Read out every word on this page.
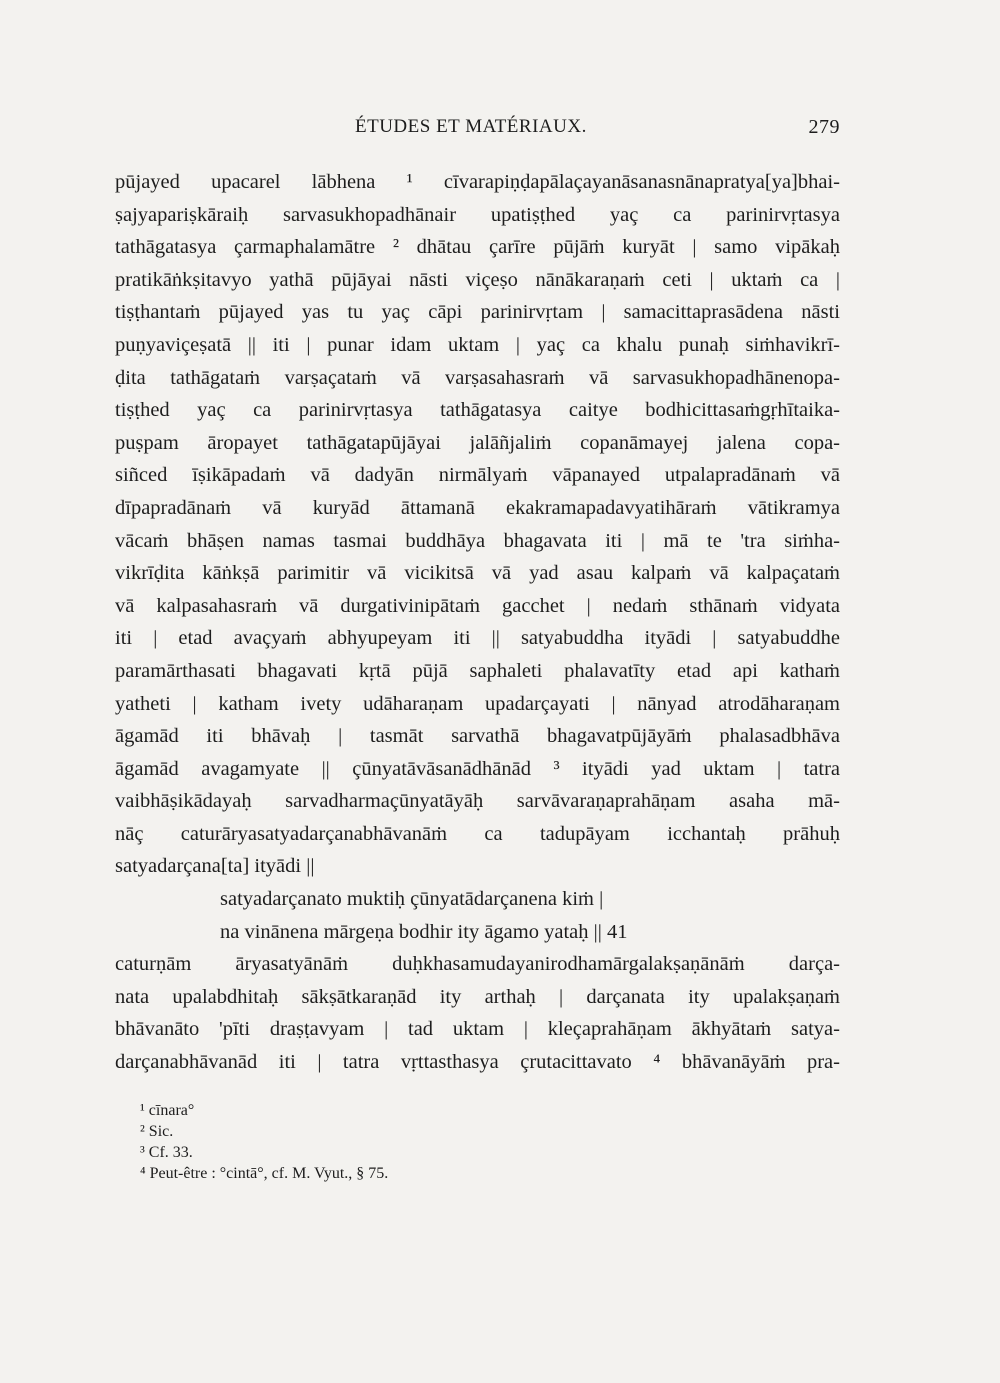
ÉTUDES ET MATÉRIAUX.	279
pūjayed upacarel lābhena ¹ cīvarapiṇḍapālaçayanāsanasnānapratya[ya]bhai-
ṣajyapariṣkāraiḥ sarvasukhopadhānair upatiṣṭhed yaç ca parinirvṛtasya
tathāgatasya çarmaphalamātre ² dhātau çarīre pūjāṁ kuryāt | samo vipākaḥ
pratikāṅkṣitavyo yathā pūjāyai nāsti viçeṣo nānākaraṇaṁ ceti | uktaṁ ca |
tiṣṭhantaṁ pūjayed yas tu yaç cāpi parinirvṛtam | samacittaprasādena nāsti
puṇyaviçeṣatā || iti | punar idam uktam | yaç ca khalu punaḥ siṁhavikrī-
ḍita tathāgataṁ varṣaçataṁ vā varṣasahasraṁ vā sarvasukhopadhānenopa-
tiṣṭhed yaç ca parinirvṛtasya tathāgatasya caitye bodhicittasaṁgṛhītaika-
puṣpam āropayet tathāgatapūjāyai jalāñjaliṁ copanāmayej jalena copa-
siñced īṣikāpadaṁ vā dadyān nirmālyaṁ vāpanayed utpalapradānaṁ vā
dīpapradānaṁ vā kuryād āttamanā ekakramapadavyatihāraṁ vātikramya
vācaṁ bhāṣen namas tasmai buddhāya bhagavata iti | mā te 'tra siṁha-
vikrīḍita kāṅkṣā parimitir vā vicikitsā vā yad asau kalpaṁ vā kalpaçataṁ
vā kalpasahasraṁ vā durgativinipātaṁ gacchet | nedaṁ sthānaṁ vidyata
iti | etad avaçyaṁ abhyupeyam iti || satyabuddha ityādi | satyabuddhe
paramārthasati bhagavati kṛtā pūjā saphaleti phalavatīty etad api kathaṁ
yatheti | katham ivety udāharaṇam upadarçayati | nānyad atrodāharaṇam
āgamād iti bhāvaḥ | tasmāt sarvathā bhagavatpūjāyāṁ phalasadbhāva
āgamād avagamyate || çūnyatāvāsanādhānād ³ ityādi yad uktam | tatra
vaibhāṣikādayaḥ sarvadharmaçūnyatāyāḥ sarvāvaraṇaprahāṇam asaha mā-
nāç caturāryasatyadarçanabhāvanāṁ ca tadupāyam icchantaḥ prāhuḥ
satyadarçana[ta] ityādi ||
satyadarçanato muktiḥ çūnyatādarçanena kiṁ |
na vinānena mārgeṇa bodhir ity āgamo yataḥ || 41
caturṇām āryasatyānāṁ duḥkhasamudayanirodhamārgalakṣaṇānāṁ darça-
nata upalabdhitaḥ sākṣātkaraṇād ity arthaḥ | darçanata ity upalakṣaṇaṁ
bhāvanāto 'pīti draṣṭavyam | tad uktam | kleçaprahāṇam ākhyātaṁ satya-
darçanabhāvanād iti | tatra vṛttasthasya çrutacittavato ⁴ bhāvanāyāṁ pra-
¹ cīnara°
² Sic.
³ Cf. 33.
⁴ Peut-être : °cintā°, cf. M. Vyut., § 75.
